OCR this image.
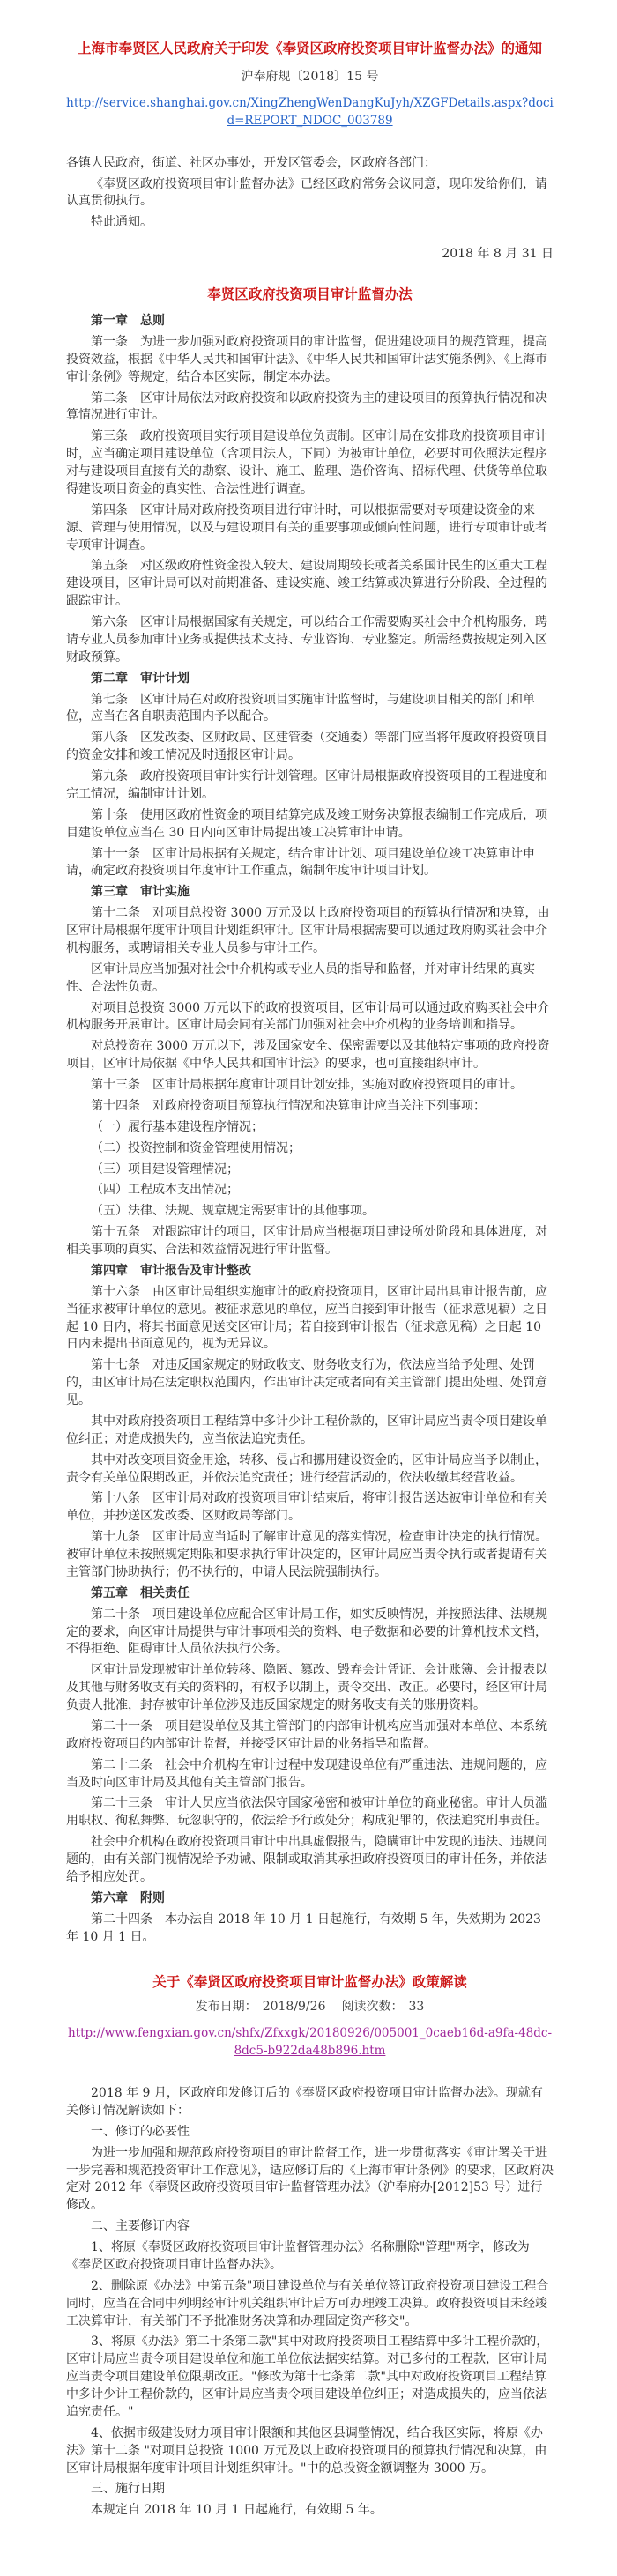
上海市奉贤区人民政府关于印发《奉贤区政府投资项目审计监督办法》的通知
沪奉府规〔2018〕15 号
http://service.shanghai.gov.cn/XingZhengWenDangKuJyh/XZGFDetails.aspx?docid=REPORT_NDOC_003789
各镇人民政府，街道、社区办事处，开发区管委会，区政府各部门：
《奉贤区政府投资项目审计监督办法》已经区政府常务会议同意，现印发给你们，请认真贯彻执行。
特此通知。
2018 年 8 月 31 日
奉贤区政府投资项目审计监督办法
第一章　总则
第一条　为进一步加强对政府投资项目的审计监督，促进建设项目的规范管理，提高投资效益，根据《中华人民共和国审计法》、《中华人民共和国审计法实施条例》、《上海市审计条例》等规定，结合本区实际，制定本办法。
第二条　区审计局依法对政府投资和以政府投资为主的建设项目的预算执行情况和决算情况进行审计。
第三条　政府投资项目实行项目建设单位负责制。区审计局在安排政府投资项目审计时，应当确定项目建设单位（含项目法人，下同）为被审计单位，必要时可依照法定程序对与建设项目直接有关的勘察、设计、施工、监理、造价咨询、招标代理、供货等单位取得建设项目资金的真实性、合法性进行调查。
第四条　区审计局对政府投资项目进行审计时，可以根据需要对专项建设资金的来源、管理与使用情况，以及与建设项目有关的重要事项或倾向性问题，进行专项审计或者专项审计调查。
第五条　对区级政府性资金投入较大、建设周期较长或者关系国计民生的区重大工程建设项目，区审计局可以对前期准备、建设实施、竣工结算或决算进行分阶段、全过程的跟踪审计。
第六条　区审计局根据国家有关规定，可以结合工作需要购买社会中介机构服务，聘请专业人员参加审计业务或提供技术支持、专业咨询、专业鉴定。所需经费按规定列入区财政预算。
第二章　审计计划
第七条　区审计局在对政府投资项目实施审计监督时，与建设项目相关的部门和单位，应当在各自职责范围内予以配合。
第八条　区发改委、区财政局、区建管委（交通委）等部门应当将年度政府投资项目的资金安排和竣工情况及时通报区审计局。
第九条　政府投资项目审计实行计划管理。区审计局根据政府投资项目的工程进度和完工情况，编制审计计划。
第十条　使用区政府性资金的项目结算完成及竣工财务决算报表编制工作完成后，项目建设单位应当在 30 日内向区审计局提出竣工决算审计申请。
第十一条　区审计局根据有关规定，结合审计计划、项目建设单位竣工决算审计申请，确定政府投资项目年度审计工作重点，编制年度审计项目计划。
第三章　审计实施
第十二条　对项目总投资 3000 万元及以上政府投资项目的预算执行情况和决算，由区审计局根据年度审计项目计划组织审计。区审计局根据需要可以通过政府购买社会中介机构服务，或聘请相关专业人员参与审计工作。
区审计局应当加强对社会中介机构或专业人员的指导和监督，并对审计结果的真实性、合法性负责。
对项目总投资 3000 万元以下的政府投资项目，区审计局可以通过政府购买社会中介机构服务开展审计。区审计局会同有关部门加强对社会中介机构的业务培训和指导。
对总投资在 3000 万元以下，涉及国家安全、保密需要以及其他特定事项的政府投资项目，区审计局依据《中华人民共和国审计法》的要求，也可直接组织审计。
第十三条　区审计局根据年度审计项目计划安排，实施对政府投资项目的审计。
第十四条　对政府投资项目预算执行情况和决算审计应当关注下列事项：
（一）履行基本建设程序情况；
（二）投资控制和资金管理使用情况；
（三）项目建设管理情况；
（四）工程成本支出情况；
（五）法律、法规、规章规定需要审计的其他事项。
第十五条　对跟踪审计的项目，区审计局应当根据项目建设所处阶段和具体进度，对相关事项的真实、合法和效益情况进行审计监督。
第四章　审计报告及审计整改
第十六条　由区审计局组织实施审计的政府投资项目，区审计局出具审计报告前，应当征求被审计单位的意见。被征求意见的单位，应当自接到审计报告（征求意见稿）之日起 10 日内，将其书面意见送交区审计局；若自接到审计报告（征求意见稿）之日起 10 日内未提出书面意见的，视为无异议。
第十七条　对违反国家规定的财政收支、财务收支行为，依法应当给予处理、处罚的，由区审计局在法定职权范围内，作出审计决定或者向有关主管部门提出处理、处罚意见。
其中对政府投资项目工程结算中多计少计工程价款的，区审计局应当责令项目建设单位纠正；对造成损失的，应当依法追究责任。
其中对改变项目资金用途，转移、侵占和挪用建设资金的，区审计局应当予以制止，责令有关单位限期改正，并依法追究责任；进行经营活动的，依法收缴其经营收益。
第十八条　区审计局对政府投资项目审计结束后，将审计报告送达被审计单位和有关单位，并抄送区发改委、区财政局等部门。
第十九条　区审计局应当适时了解审计意见的落实情况，检查审计决定的执行情况。被审计单位未按照规定期限和要求执行审计决定的，区审计局应当责令执行或者提请有关主管部门协助执行；仍不执行的，申请人民法院强制执行。
第五章　相关责任
第二十条　项目建设单位应配合区审计局工作，如实反映情况，并按照法律、法规规定的要求，向区审计局提供与审计事项相关的资料、电子数据和必要的计算机技术文档，不得拒绝、阻碍审计人员依法执行公务。
区审计局发现被审计单位转移、隐匿、篡改、毁弃会计凭证、会计账簿、会计报表以及其他与财务收支有关的资料的，有权予以制止，责令交出、改正。必要时，经区审计局负责人批准，封存被审计单位涉及违反国家规定的财务收支有关的账册资料。
第二十一条　项目建设单位及其主管部门的内部审计机构应当加强对本单位、本系统政府投资项目的内部审计监督，并接受区审计局的业务指导和监督。
第二十二条　社会中介机构在审计过程中发现建设单位有严重违法、违规问题的，应当及时向区审计局及其他有关主管部门报告。
第二十三条　审计人员应当依法保守国家秘密和被审计单位的商业秘密。审计人员滥用职权、徇私舞弊、玩忽职守的，依法给予行政处分；构成犯罪的，依法追究刑事责任。
社会中介机构在政府投资项目审计中出具虚假报告，隐瞒审计中发现的违法、违规问题的，由有关部门视情况给予劝诫、限制或取消其承担政府投资项目的审计任务，并依法给予相应处罚。
第六章　附则
第二十四条　本办法自 2018 年 10 月 1 日起施行，有效期 5 年，失效期为 2023 年 10 月 1 日。
关于《奉贤区政府投资项目审计监督办法》政策解读
发布日期： 2018/9/26 阅读次数： 33
http://www.fengxian.gov.cn/shfx/Zfxxgk/20180926/005001_0caeb16d-a9fa-48dc-8dc5-b922da48b896.htm
2018 年 9 月，区政府印发修订后的《奉贤区政府投资项目审计监督办法》。现就有关修订情况解读如下：
一、修订的必要性
为进一步加强和规范政府投资项目的审计监督工作，进一步贯彻落实《审计署关于进一步完善和规范投资审计工作意见》，适应修订后的《上海市审计条例》的要求，区政府决定对 2012 年《奉贤区政府投资项目审计监督管理办法》（沪奉府办[2012]53 号）进行修改。
二、主要修订内容
1、将原《奉贤区政府投资项目审计监督管理办法》名称删除"管理"两字，修改为《奉贤区政府投资项目审计监督办法》。
2、删除原《办法》中第五条"项目建设单位与有关单位签订政府投资项目建设工程合同时，应当在合同中列明经审计机关组织审计后方可办理竣工决算。政府投资项目未经竣工决算审计，有关部门不予批准财务决算和办理固定资产移交"。
3、将原《办法》第二十条第二款"其中对政府投资项目工程结算中多计工程价款的，区审计局应当责令项目建设单位和施工单位依法据实结算。对已多付的工程款，区审计局应当责令项目建设单位限期改正。"修改为第十七条第二款"其中对政府投资项目工程结算中多计少计工程价款的，区审计局应当责令项目建设单位纠正；对造成损失的，应当依法追究责任。"
4、依据市级建设财力项目审计限额和其他区县调整情况，结合我区实际，将原《办法》第十二条 "对项目总投资 1000 万元及以上政府投资项目的预算执行情况和决算，由区审计局根据年度审计项目计划组织审计。"中的总投资金额调整为 3000 万。
三、施行日期
本规定自 2018 年 10 月 1 日起施行，有效期 5 年。
